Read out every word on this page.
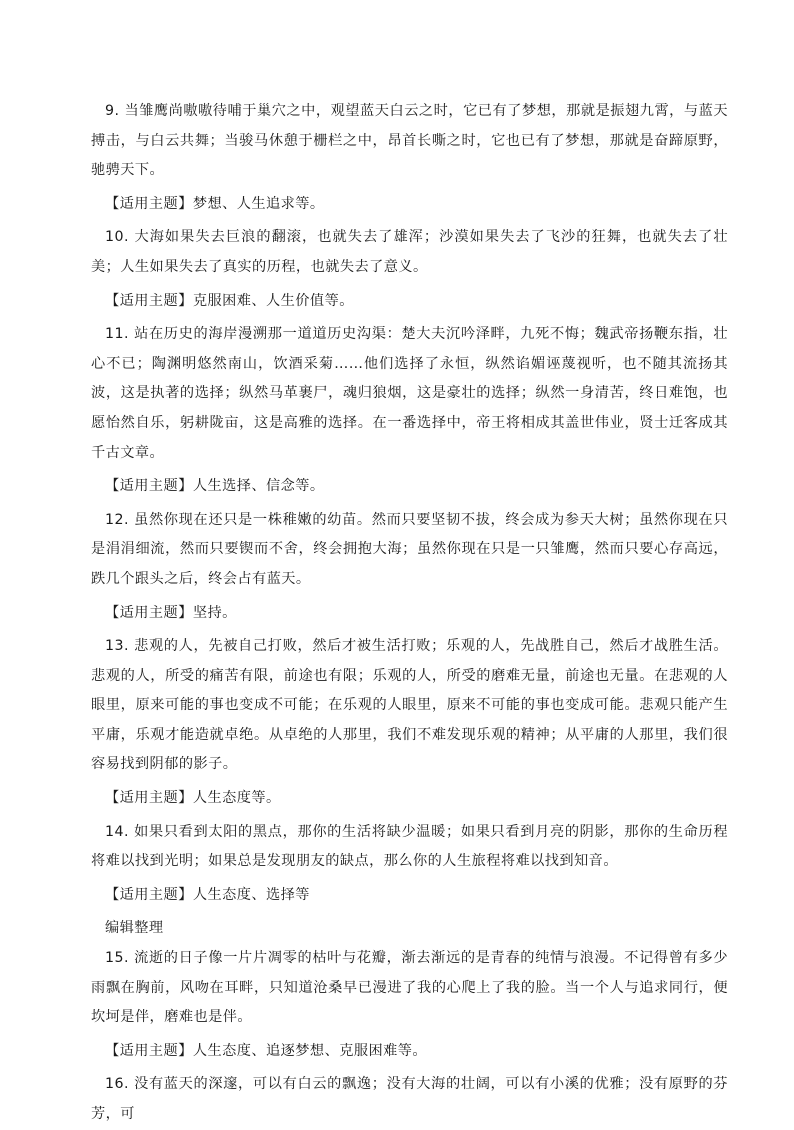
9. 当雏鹰尚嗷嗷待哺于巢穴之中，观望蓝天白云之时，它已有了梦想，那就是振翅九霄，与蓝天搏击，与白云共舞；当骏马休憩于栅栏之中，昂首长嘶之时，它也已有了梦想，那就是奋蹄原野，驰骋天下。

【适用主题】梦想、人生追求等。

10. 大海如果失去巨浪的翻滚，也就失去了雄浑；沙漠如果失去了飞沙的狂舞，也就失去了壮美；人生如果失去了真实的历程，也就失去了意义。

【适用主题】克服困难、人生价值等。

11. 站在历史的海岸漫溯那一道道历史沟渠：楚大夫沉吟泽畔，九死不悔；魏武帝扬鞭东指，壮心不已；陶渊明悠然南山，饮酒采菊……他们选择了永恒，纵然谄媚诬蔑视听，也不随其流扬其波，这是执著的选择；纵然马革裹尸，魂归狼烟，这是豪壮的选择；纵然一身清苦，终日难饱，也愿怡然自乐，躬耕陇亩，这是高雅的选择。在一番选择中，帝王将相成其盖世伟业，贤士迁客成其千古文章。

【适用主题】人生选择、信念等。

12. 虽然你现在还只是一株稚嫩的幼苗。然而只要坚韧不拔，终会成为参天大树；虽然你现在只是涓涓细流，然而只要锲而不舍，终会拥抱大海；虽然你现在只是一只雏鹰，然而只要心存高远，跌几个跟头之后，终会占有蓝天。

【适用主题】坚持。

13. 悲观的人，先被自己打败，然后才被生活打败；乐观的人，先战胜自己，然后才战胜生活。悲观的人，所受的痛苦有限，前途也有限；乐观的人，所受的磨难无量，前途也无量。在悲观的人眼里，原来可能的事也变成不可能；在乐观的人眼里，原来不可能的事也变成可能。悲观只能产生平庸，乐观才能造就卓绝。从卓绝的人那里，我们不难发现乐观的精神；从平庸的人那里，我们很容易找到阴郁的影子。

【适用主题】人生态度等。

14. 如果只看到太阳的黑点，那你的生活将缺少温暖；如果只看到月亮的阴影，那你的生命历程将难以找到光明；如果总是发现朋友的缺点，那么你的人生旅程将难以找到知音。

【适用主题】人生态度、选择等

编辑整理

15. 流逝的日子像一片片凋零的枯叶与花瓣，渐去渐远的是青春的纯情与浪漫。不记得曾有多少雨飘在胸前，风吻在耳畔，只知道沧桑早已漫进了我的心爬上了我的脸。当一个人与追求同行，便坎坷是伴，磨难也是伴。

【适用主题】人生态度、追逐梦想、克服困难等。

16. 没有蓝天的深邃，可以有白云的飘逸；没有大海的壮阔，可以有小溪的优雅；没有原野的芬芳，可
